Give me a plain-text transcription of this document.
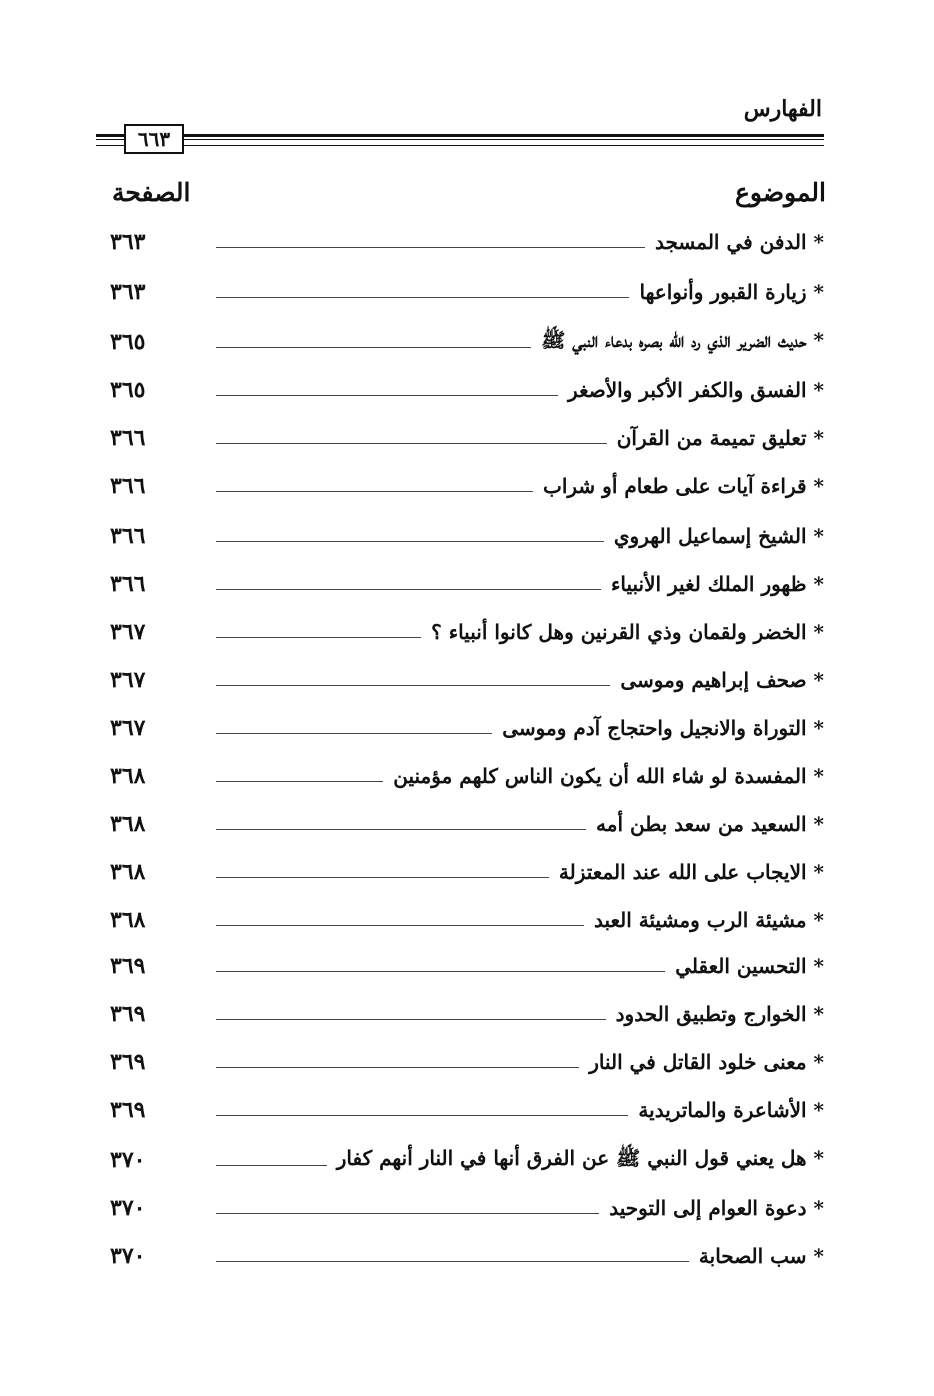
الفهارس
٦٦٣
الموضوع
الصفحة
* الدفن في المسجد
٣٦٣
* زيارة القبور وأنواعها
٣٦٣
* حديث الضرير الذي رد الله بصره بدعاء النبي ﷺ
٣٦٥
* الفسق والكفر الأكبر والأصغر
٣٦٥
* تعليق تميمة من القرآن
٣٦٦
* قراءة آيات على طعام أو شراب
٣٦٦
* الشيخ إسماعيل الهروي
٣٦٦
* ظهور الملك لغير الأنبياء
٣٦٦
* الخضر ولقمان وذي القرنين وهل كانوا أنبياء ؟
٣٦٧
* صحف إبراهيم وموسى
٣٦٧
* التوراة والانجيل واحتجاج آدم وموسى
٣٦٧
* المفسدة لو شاء الله أن يكون الناس كلهم مؤمنين
٣٦٨
* السعيد من سعد بطن أمه
٣٦٨
* الايجاب على الله عند المعتزلة
٣٦٨
* مشيئة الرب ومشيئة العبد
٣٦٨
* التحسين العقلي
٣٦٩
* الخوارج وتطبيق الحدود
٣٦٩
* معنى خلود القاتل في النار
٣٦٩
* الأشاعرة والماتريدية
٣٦٩
* هل يعني قول النبي ﷺ عن الفرق أنها في النار أنهم كفار
٣٧٠
* دعوة العوام إلى التوحيد
٣٧٠
* سب الصحابة
٣٧٠
